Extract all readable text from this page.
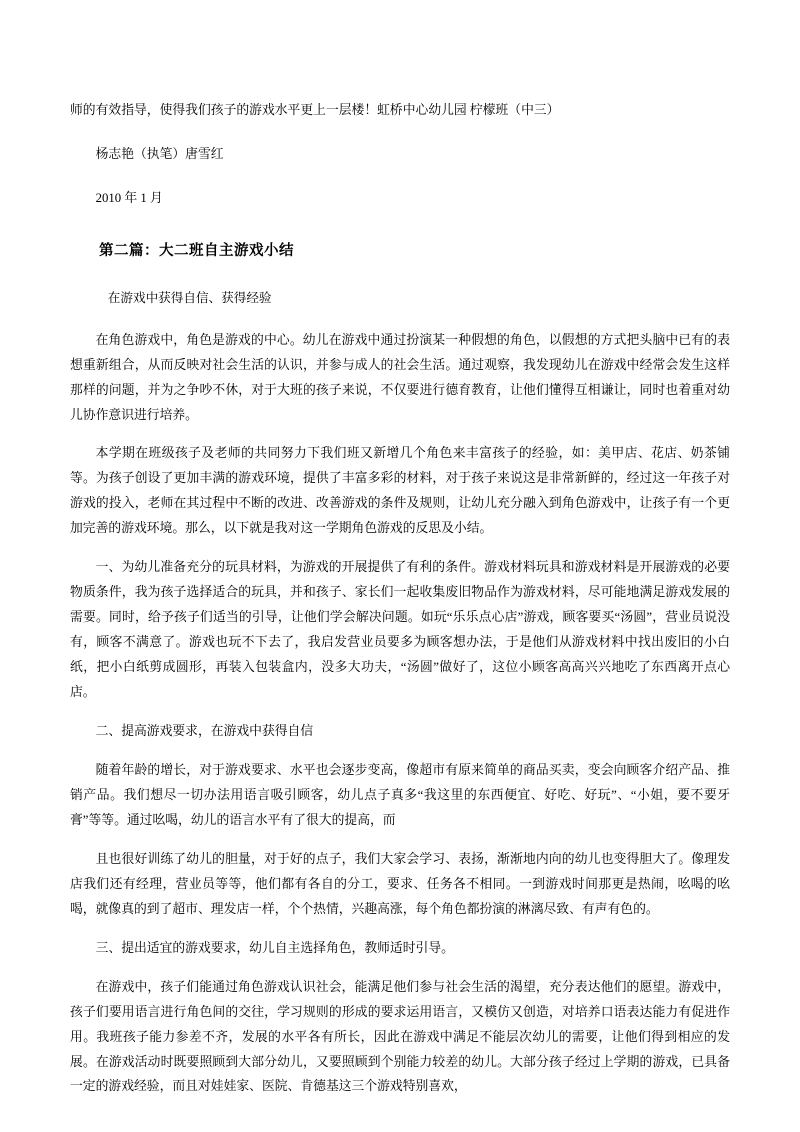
师的有效指导，使得我们孩子的游戏水平更上一层楼！虹桥中心幼儿园 柠檬班（中三）

杨志艳（执笔）唐雪红

2010 年 1 月

第二篇：大二班自主游戏小结

在游戏中获得自信、获得经验

在角色游戏中，角色是游戏的中心。幼儿在游戏中通过扮演某一种假想的角色，以假想的方式把头脑中已有的表想重新组合，从而反映对社会生活的认识，并参与成人的社会生活。通过观察，我发现幼儿在游戏中经常会发生这样那样的问题，并为之争吵不休，对于大班的孩子来说，不仅要进行德育教育，让他们懂得互相谦让，同时也着重对幼儿协作意识进行培养。

本学期在班级孩子及老师的共同努力下我们班又新增几个角色来丰富孩子的经验，如：美甲店、花店、奶茶铺等。为孩子创设了更加丰满的游戏环境，提供了丰富多彩的材料，对于孩子来说这是非常新鲜的，经过这一年孩子对游戏的投入，老师在其过程中不断的改进、改善游戏的条件及规则，让幼儿充分融入到角色游戏中，让孩子有一个更加完善的游戏环境。那么，以下就是我对这一学期角色游戏的反思及小结。

一、为幼儿准备充分的玩具材料，为游戏的开展提供了有利的条件。游戏材料玩具和游戏材料是开展游戏的必要物质条件，我为孩子选择适合的玩具，并和孩子、家长们一起收集废旧物品作为游戏材料，尽可能地满足游戏发展的需要。同时，给予孩子们适当的引导，让他们学会解决问题。如玩“乐乐点心店”游戏，顾客要买“汤圆”，营业员说没有，顾客不满意了。游戏也玩不下去了，我启发营业员要多为顾客想办法，于是他们从游戏材料中找出废旧的小白纸，把小白纸剪成圆形，再装入包装盒内，没多大功夫，“汤圆”做好了，这位小顾客高高兴兴地吃了东西离开点心店。

二、提高游戏要求，在游戏中获得自信

随着年龄的增长，对于游戏要求、水平也会逐步变高，像超市有原来简单的商品买卖，变会向顾客介绍产品、推销产品。我们想尽一切办法用语言吸引顾客，幼儿点子真多“我这里的东西便宜、好吃、好玩”、“小姐，要不要牙膏”等等。通过吆喝，幼儿的语言水平有了很大的提高，而

且也很好训练了幼儿的胆量，对于好的点子，我们大家会学习、表扬，渐渐地内向的幼儿也变得胆大了。像理发店我们还有经理，营业员等等，他们都有各自的分工，要求、任务各不相同。一到游戏时间那更是热闹，吆喝的吆喝，就像真的到了超市、理发店一样，个个热情，兴趣高涨，每个角色都扮演的淋漓尽致、有声有色的。

三、提出适宜的游戏要求，幼儿自主选择角色，教师适时引导。

在游戏中，孩子们能通过角色游戏认识社会，能满足他们参与社会生活的渴望，充分表达他们的愿望。游戏中，孩子们要用语言进行角色间的交往，学习规则的形成的要求运用语言，又模仿又创造，对培养口语表达能力有促进作用。我班孩子能力参差不齐，发展的水平各有所长，因此在游戏中满足不能层次幼儿的需要，让他们得到相应的发展。在游戏活动时既要照顾到大部分幼儿，又要照顾到个别能力较差的幼儿。大部分孩子经过上学期的游戏，已具备一定的游戏经验，而且对娃娃家、医院、肯德基这三个游戏特别喜欢，
